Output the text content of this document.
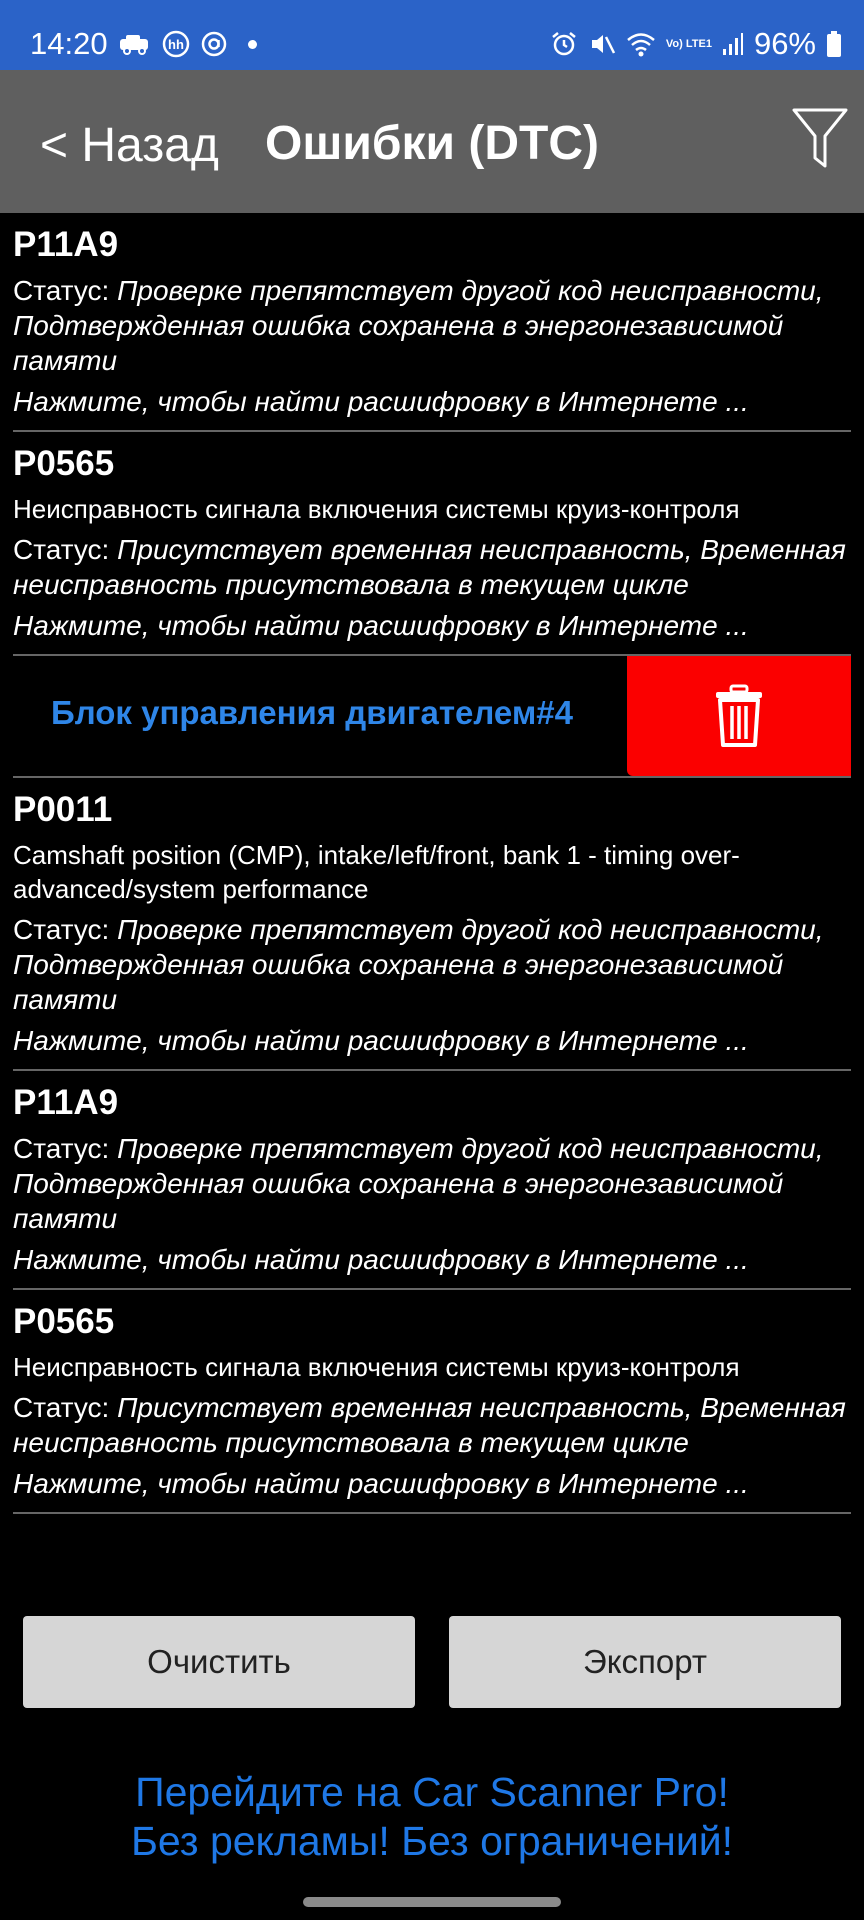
14:20	hh	Vo) LTE1 96%
< Назад Ошибки (DTC)
P11A9
Статус: Проверке препятствует другой код неисправности, Подтвержденная ошибка сохранена в энергонезависимой памяти
Нажмите, чтобы найти расшифровку в Интернете ...
P0565
Неисправность сигнала включения системы круиз-контроля
Статус: Присутствует временная неисправность, Временная неисправность присутствовала в текущем цикле
Нажмите, чтобы найти расшифровку в Интернете ...
Блок управления двигателем#4
P0011
Camshaft position (CMP), intake/left/front, bank 1 - timing over-advanced/system performance
Статус: Проверке препятствует другой код неисправности, Подтвержденная ошибка сохранена в энергонезависимой памяти
Нажмите, чтобы найти расшифровку в Интернете ...
P11A9
Статус: Проверке препятствует другой код неисправности, Подтвержденная ошибка сохранена в энергонезависимой памяти
Нажмите, чтобы найти расшифровку в Интернете ...
P0565
Неисправность сигнала включения системы круиз-контроля
Статус: Присутствует временная неисправность, Временная неисправность присутствовала в текущем цикле
Нажмите, чтобы найти расшифровку в Интернете ...
Очистить	Экспорт
Перейдите на Car Scanner Pro!
Без рекламы! Без ограничений!
